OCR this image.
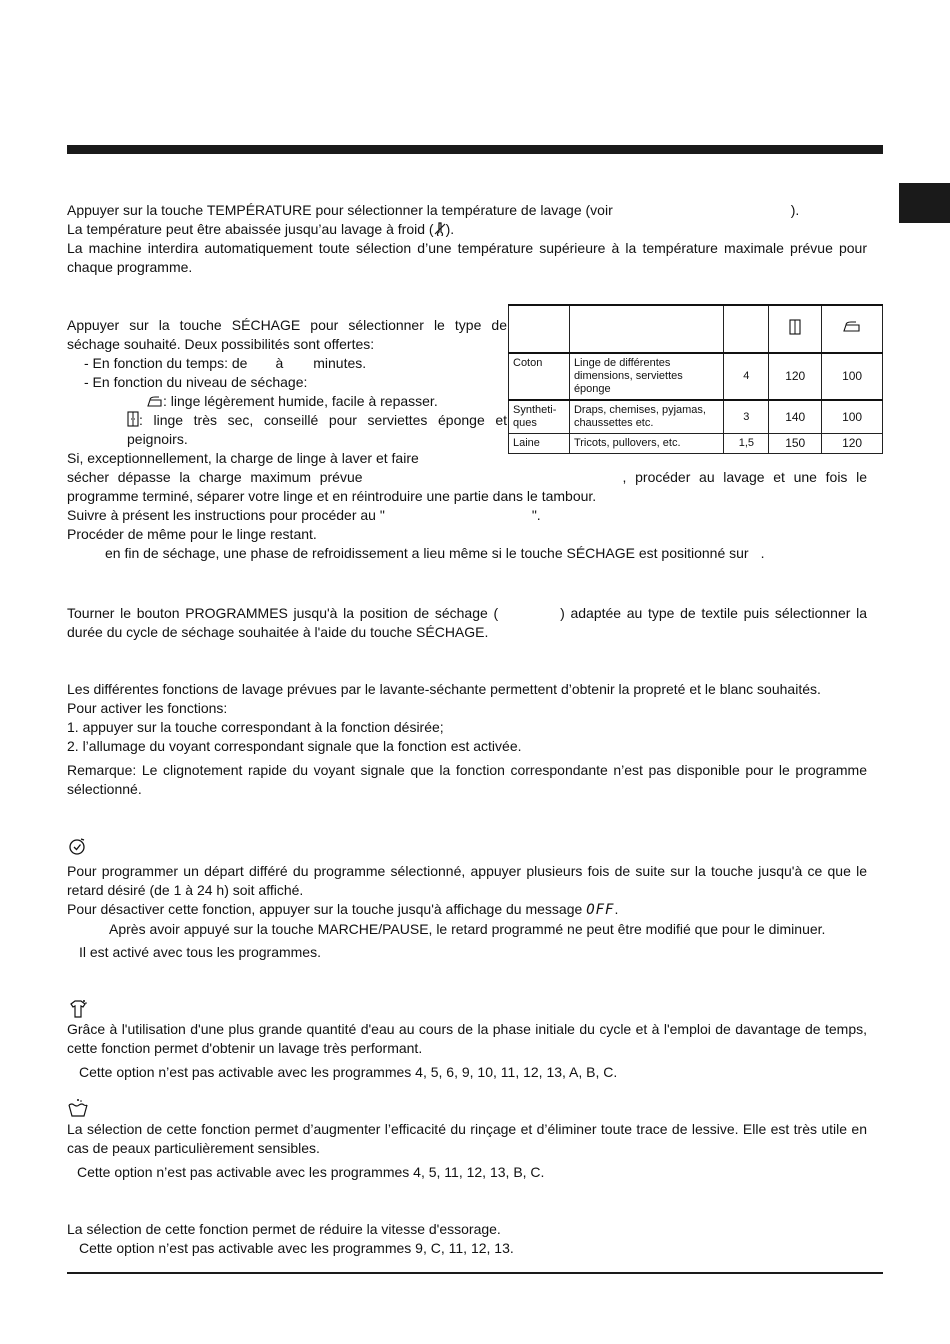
Appuyer sur la touche TEMPÉRATURE pour sélectionner la température de lavage (voir	).

La température peut être abaissée jusqu’au lavage à froid ( ).

La machine interdira automatiquement toute sélection d’une température supérieure à la température maximale prévue pour chaque programme.

Appuyer sur la touche SÉCHAGE pour sélectionner le type de séchage souhaité. Deux possibilités sont offertes:

- En fonction du temps: de à minutes.

- En fonction du niveau de séchage:

: linge légèrement humide, facile à repasser.

: linge très sec, conseillé pour serviettes éponge et peignoirs.

Si, exceptionnellement, la charge de linge à laver et faire

sécher dépasse la charge maximum prévue	, procéder au lavage et une fois le programme terminé, séparer votre linge et en réintroduire une partie dans le tambour.

Suivre à présent les instructions pour procéder au "	".

Procéder de même pour le linge restant.

en fin de séchage, une phase de refroidissement a lieu même si le touche SÉCHAGE est positionné sur .

Coton	Linge de différentes dimensions, serviettes éponge	4	120	100
Syntheti-ques	Draps, chemises, pyjamas, chaussettes etc.	3	140	100
Laine	Tricots, pullovers, etc.	1,5	150	120

Tourner le bouton PROGRAMMES jusqu'à la position de séchage (	) adaptée au type de textile puis sélectionner la durée du cycle de séchage souhaitée à l'aide du touche SÉCHAGE.

Les différentes fonctions de lavage prévues par le lavante-séchante permettent d’obtenir la propreté et le blanc souhaités.

Pour activer les fonctions:

1. appuyer sur la touche correspondant à la fonction désirée;

2. l’allumage du voyant correspondant signale que la fonction est activée.

Remarque: Le clignotement rapide du voyant signale que la fonction correspondante n’est pas disponible pour le programme sélectionné.

Pour programmer un départ différé du programme sélectionné, appuyer plusieurs fois de suite sur la touche jusqu'à ce que le retard désiré (de 1 à 24 h) soit affiché.

Pour désactiver cette fonction, appuyer sur la touche jusqu'à affichage du message OFF.

Après avoir appuyé sur la touche MARCHE/PAUSE, le retard programmé ne peut être modifié que pour le diminuer.

Il est activé avec tous les programmes.

Grâce à l'utilisation d'une plus grande quantité d'eau au cours de la phase initiale du cycle et à l'emploi de davantage de temps, cette fonction permet d'obtenir un lavage très performant.

Cette option n’est pas activable avec les programmes 4, 5, 6, 9, 10, 11, 12, 13, A, B, C.

La sélection de cette fonction permet d’augmenter l’efficacité du rinçage et d’éliminer toute trace de lessive. Elle est très utile en cas de peaux particulièrement sensibles.

Cette option n’est pas activable avec les programmes 4, 5, 11, 12, 13, B, C.

La sélection de cette fonction permet de réduire la vitesse d'essorage.

Cette option n’est pas activable avec les programmes 9, C, 11, 12, 13.
